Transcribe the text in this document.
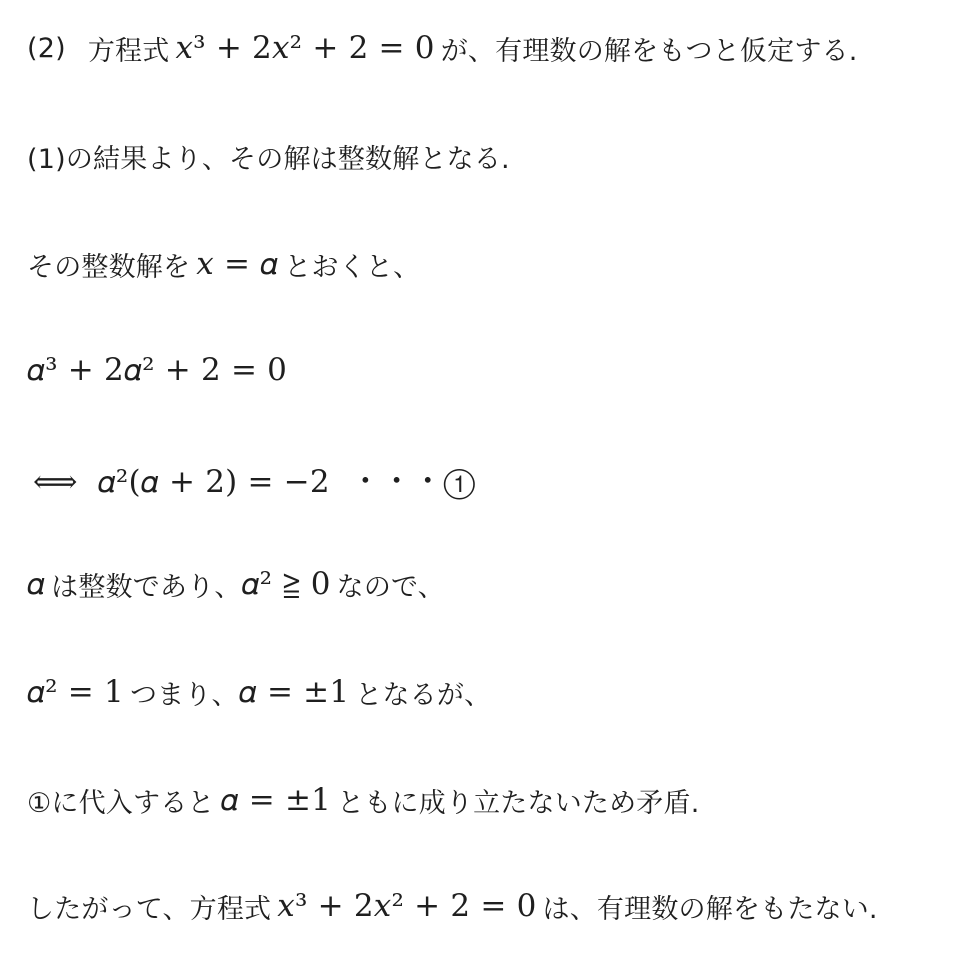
(2) 方程式 𝑥³ + 2𝑥² + 2 = 0 が、有理数の解をもつと仮定する.
(1)の結果より、その解は整数解となる.
その整数解を 𝑥 = 𝛼 とおくと、
𝛼³ + 2𝛼² + 2 = 0
⟺  𝛼²(𝛼 + 2) = −2  ・・・①
𝛼 は整数であり、 𝛼² ≧ 0 なので、
𝛼² = 1 つまり、 𝛼 = ±1 となるが、
①に代入すると 𝛼 = ±1 ともに成り立たないため矛盾.
したがって、方程式 𝑥³ + 2𝑥² + 2 = 0 は、有理数の解をもたない.
